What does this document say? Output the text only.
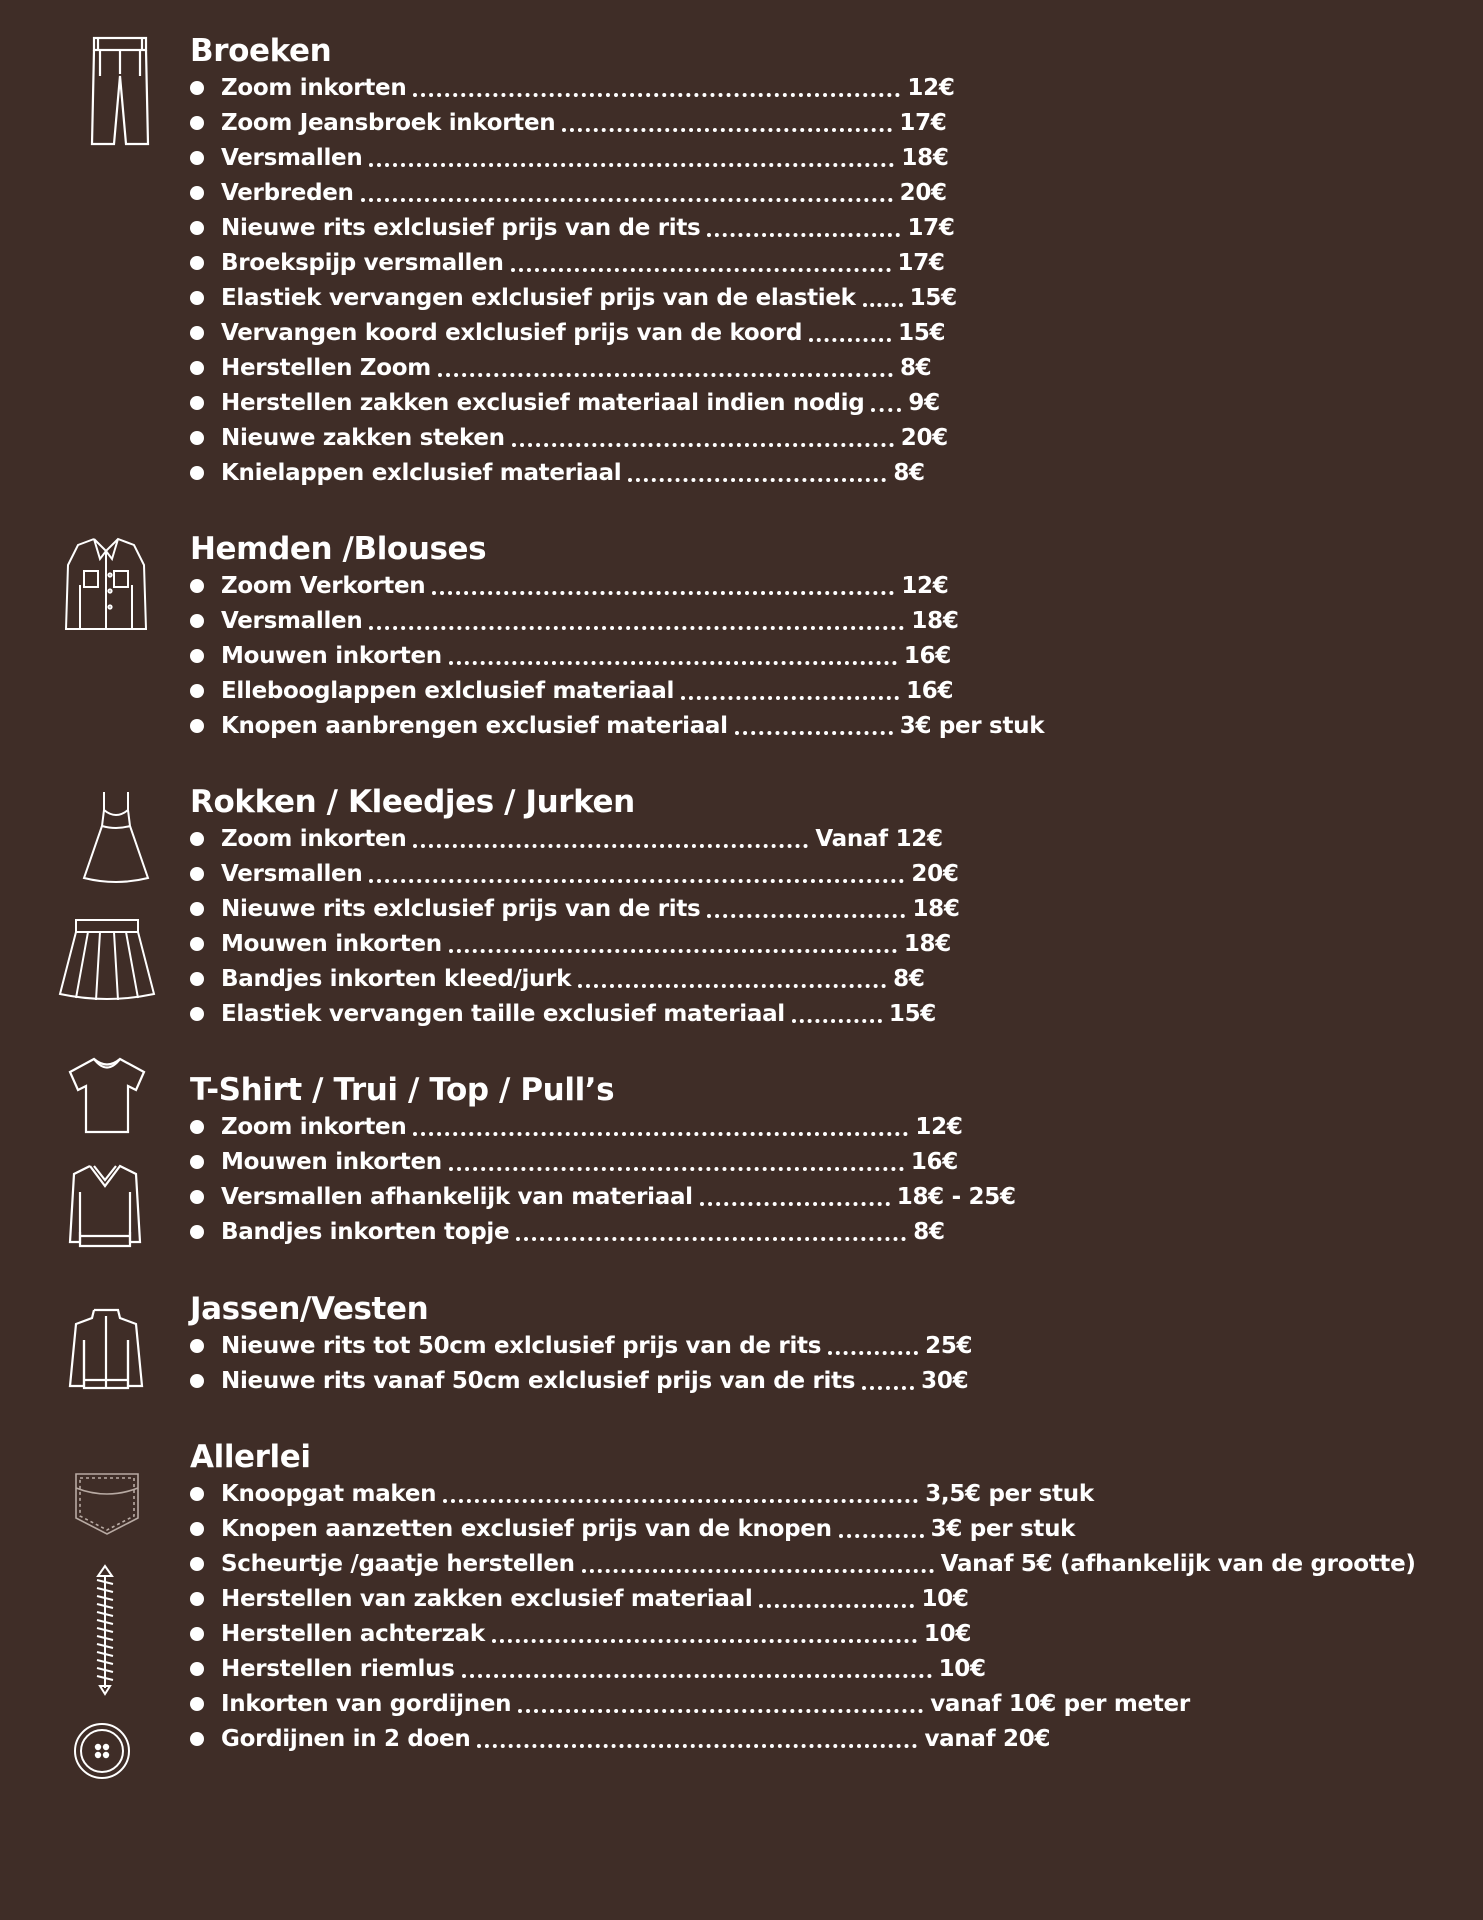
Broeken
Zoom inkorten	12€
Zoom Jeansbroek inkorten	17€
Versmallen	18€
Verbreden	20€
Nieuwe rits exlclusief prijs van de rits	17€
Broekspijp versmallen	17€
Elastiek vervangen exlclusief prijs van de elastiek 15€
Vervangen koord exlclusief prijs van de koord	15€
Herstellen Zoom	8€
Herstellen zakken exclusief materiaal indien nodig 9€
Nieuwe zakken steken	20€
Knielappen exlclusief materiaal	8€
Hemden /Blouses
Zoom Verkorten	12€
Versmallen	18€
Mouwen inkorten	16€
Ellebooglappen exlclusief materiaal	16€
Knopen aanbrengen exclusief materiaal	3€ per stuk
Rokken / Kleedjes / Jurken
Zoom inkorten	Vanaf 12€
Versmallen	20€
Nieuwe rits exlclusief prijs van de rits	18€
Mouwen inkorten	18€
Bandjes inkorten kleed/jurk	8€
Elastiek vervangen taille exclusief materiaal	15€
T-Shirt / Trui / Top / Pull’s
Zoom inkorten	12€
Mouwen inkorten	16€
Versmallen afhankelijk van materiaal	18€ - 25€
Bandjes inkorten topje	8€
Jassen/Vesten
Nieuwe rits tot 50cm exlclusief prijs van de rits	25€
Nieuwe rits vanaf 50cm exlclusief prijs van de rits	30€
Allerlei
Knoopgat maken	3,5€ per stuk
Knopen aanzetten exclusief prijs van de knopen	3€ per stuk
Scheurtje /gaatje herstellen	Vanaf 5€ (afhankelijk van de grootte)
Herstellen van zakken exclusief materiaal	10€
Herstellen achterzak	10€
Herstellen riemlus	10€
Inkorten van gordijnen	vanaf 10€ per meter
Gordijnen in 2 doen	vanaf 20€
